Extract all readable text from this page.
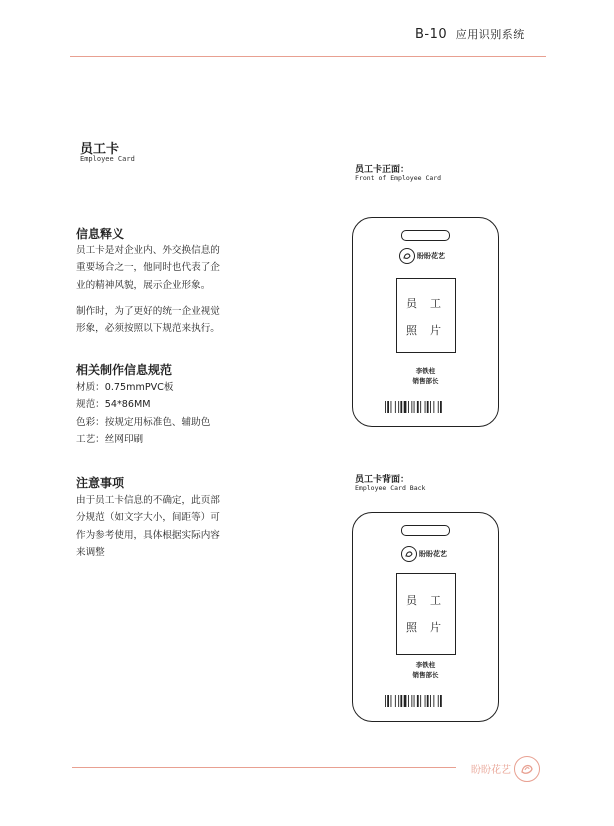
B-10 应用识别系统
员工卡
Employee Card
信息释义
员工卡是对企业内、外交换信息的重要场合之一，他同时也代表了企业的精神风貌，展示企业形象。
制作时，为了更好的统一企业视觉形象，必须按照以下规范来执行。
相关制作信息规范
材质：0.75mmPVC板
规范：54*86MM
色彩：按规定用标准色、辅助色
工艺：丝网印刷
注意事项
由于员工卡信息的不确定，此页部分规范（如文字大小，间距等）可作为参考使用，具体根据实际内容来调整
员工卡正面：
Front of Employee Card
盼盼花艺
员 工
照 片
李铁柱
销售部长
员工卡背面：
Employee Card Back
盼盼花艺
员 工
照 片
李铁柱
销售部长
盼盼花艺
